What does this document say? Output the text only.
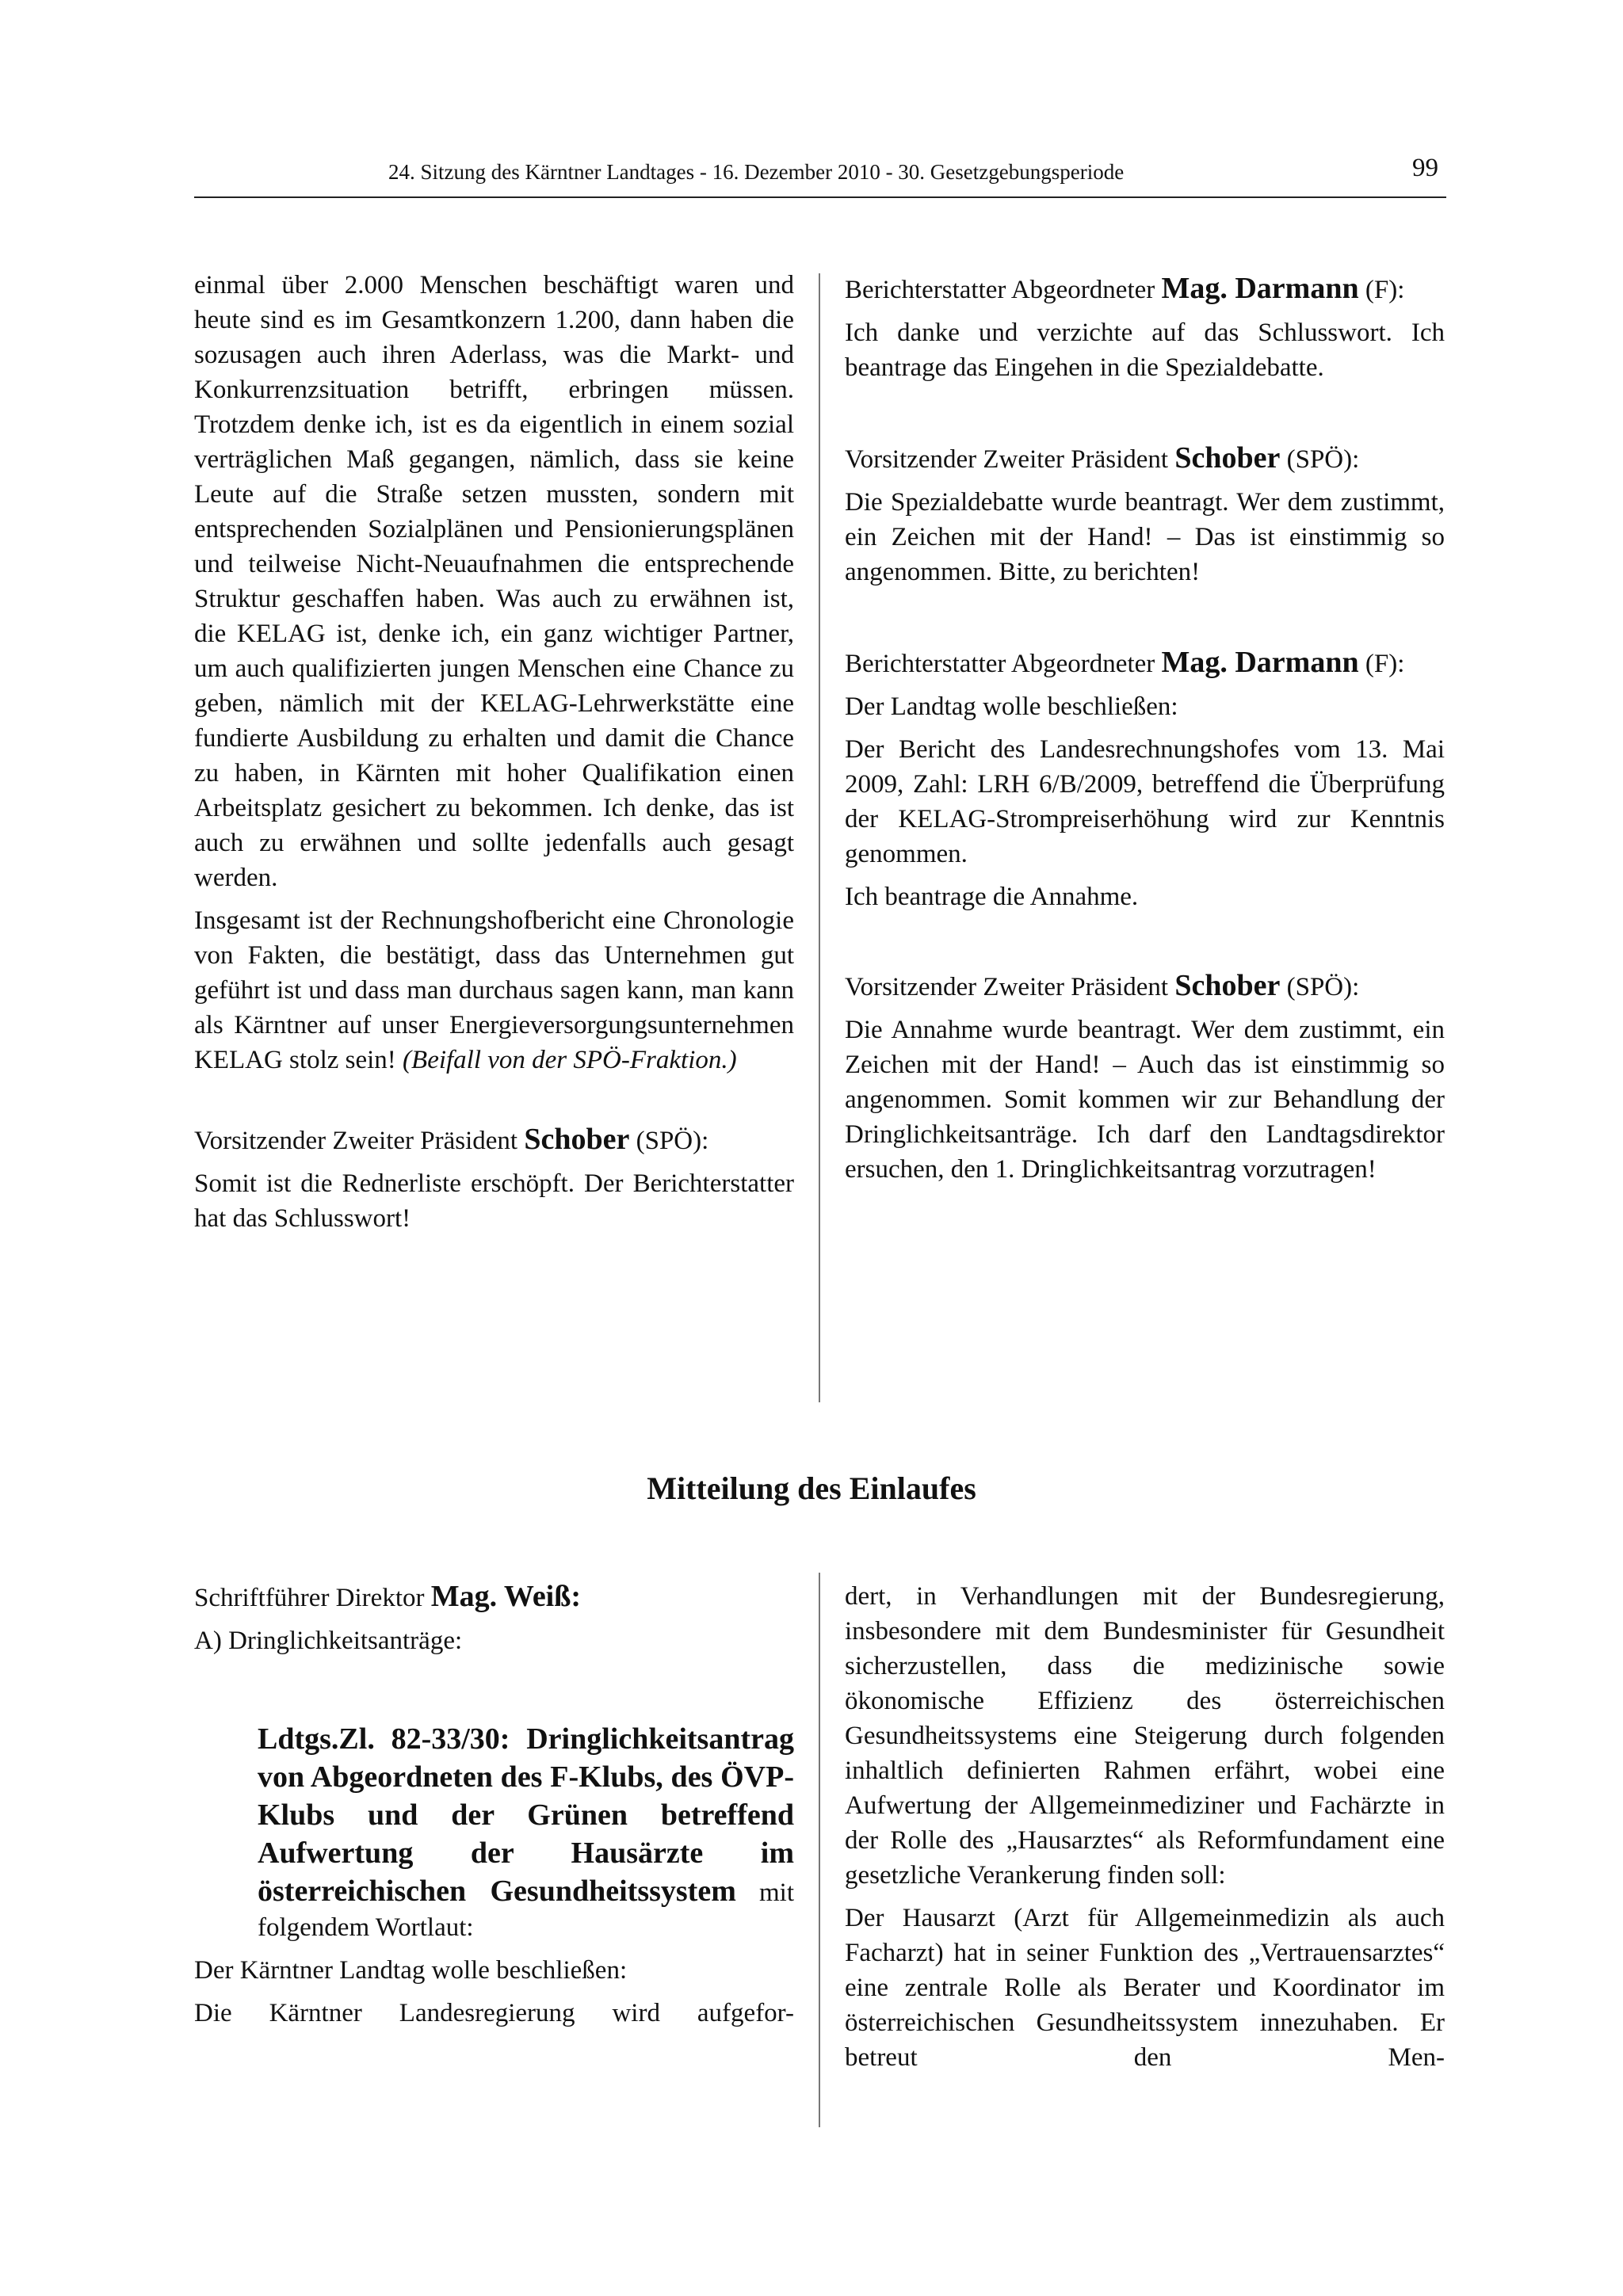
24. Sitzung des Kärntner Landtages - 16. Dezember 2010 - 30. Gesetzgebungsperiode	99

einmal über 2.000 Menschen beschäftigt waren und heute sind es im Gesamtkonzern 1.200, dann haben die sozusagen auch ihren Aderlass, was die Markt- und Konkurrenzsituation betrifft, erbringen müssen. Trotzdem denke ich, ist es da eigentlich in einem sozial verträglichen Maß gegangen, nämlich, dass sie keine Leute auf die Straße setzen mussten, sondern mit entsprechenden Sozialplänen und Pensionierungsplänen und teilweise Nicht-Neuaufnahmen die entsprechende Struktur geschaffen haben. Was auch zu erwähnen ist, die KELAG ist, denke ich, ein ganz wichtiger Partner, um auch qualifizierten jungen Menschen eine Chance zu geben, nämlich mit der KELAG-Lehrwerkstätte eine fundierte Ausbildung zu erhalten und damit die Chance zu haben, in Kärnten mit hoher Qualifikation einen Arbeitsplatz gesichert zu bekommen. Ich denke, das ist auch zu erwähnen und sollte jedenfalls auch gesagt werden.

Insgesamt ist der Rechnungshofbericht eine Chronologie von Fakten, die bestätigt, dass das Unternehmen gut geführt ist und dass man durchaus sagen kann, man kann als Kärntner auf unser Energieversorgungsunternehmen KELAG stolz sein! (Beifall von der SPÖ-Fraktion.)

Vorsitzender Zweiter Präsident Schober (SPÖ):

Somit ist die Rednerliste erschöpft. Der Berichterstatter hat das Schlusswort!

Berichterstatter Abgeordneter Mag. Darmann (F):

Ich danke und verzichte auf das Schlusswort. Ich beantrage das Eingehen in die Spezialdebatte.

Vorsitzender Zweiter Präsident Schober (SPÖ):

Die Spezialdebatte wurde beantragt. Wer dem zustimmt, ein Zeichen mit der Hand! – Das ist einstimmig so angenommen. Bitte, zu berichten!

Berichterstatter Abgeordneter Mag. Darmann (F):

Der Landtag wolle beschließen:

Der Bericht des Landesrechnungshofes vom 13. Mai 2009, Zahl: LRH 6/B/2009, betreffend die Überprüfung der KELAG-Strompreiserhöhung wird zur Kenntnis genommen.

Ich beantrage die Annahme.

Vorsitzender Zweiter Präsident Schober (SPÖ):

Die Annahme wurde beantragt. Wer dem zustimmt, ein Zeichen mit der Hand! – Auch das ist einstimmig so angenommen. Somit kommen wir zur Behandlung der Dringlichkeitsanträge. Ich darf den Landtagsdirektor ersuchen, den 1. Dringlichkeitsantrag vorzutragen!

Mitteilung des Einlaufes

Schriftführer Direktor Mag. Weiß:

A) Dringlichkeitsanträge:

Ldtgs.Zl. 82-33/30: Dringlichkeitsantrag von Abgeordneten des F-Klubs, des ÖVP-Klubs und der Grünen betreffend Aufwertung der Hausärzte im österreichischen Gesundheitssystem mit folgendem Wortlaut:

Der Kärntner Landtag wolle beschließen:

Die Kärntner Landesregierung wird aufgefor-

dert, in Verhandlungen mit der Bundesregierung, insbesondere mit dem Bundesminister für Gesundheit sicherzustellen, dass die medizinische sowie ökonomische Effizienz des österreichischen Gesundheitssystems eine Steigerung durch folgenden inhaltlich definierten Rahmen erfährt, wobei eine Aufwertung der Allgemeinmediziner und Fachärzte in der Rolle des „Hausarztes“ als Reformfundament eine gesetzliche Verankerung finden soll:

Der Hausarzt (Arzt für Allgemeinmedizin als auch Facharzt) hat in seiner Funktion des „Vertrauensarztes“ eine zentrale Rolle als Berater und Koordinator im österreichischen Gesundheitssystem innezuhaben. Er betreut den Men-
